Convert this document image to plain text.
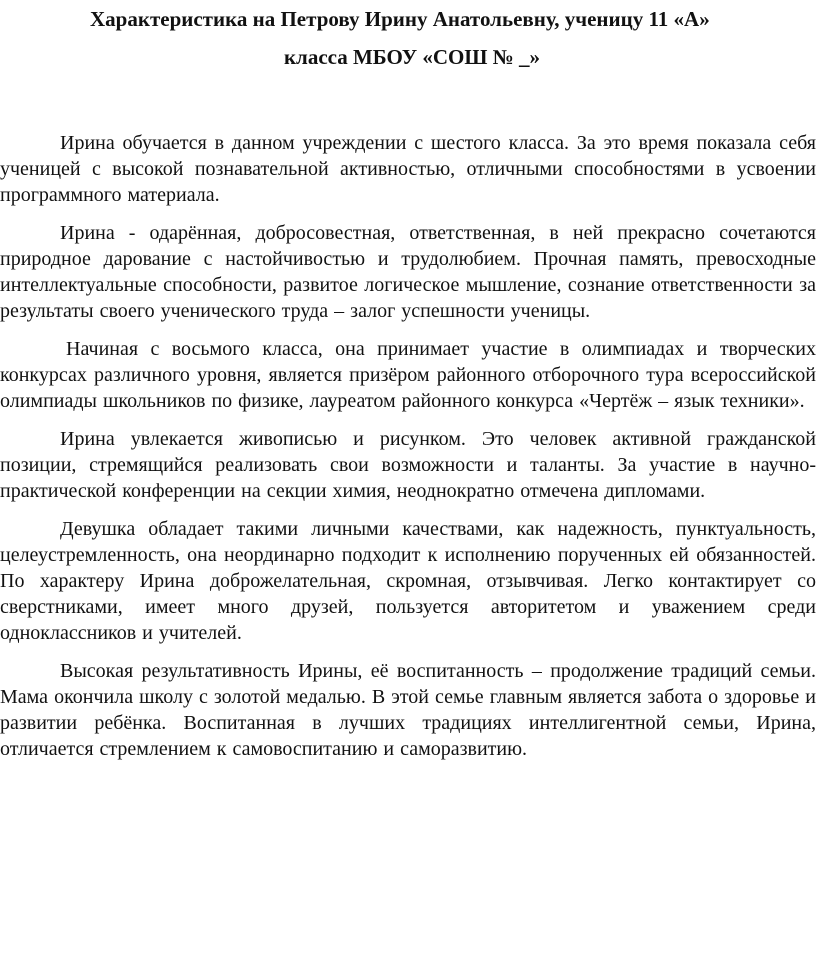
Характеристика на Петрову Ирину Анатольевну, ученицу 11 «А»
класса МБОУ «СОШ № _»

Ирина обучается в данном учреждении с шестого класса. За это время показала себя ученицей с высокой познавательной активностью, отличными способностями в усвоении программного материала.

Ирина - одарённая, добросовестная, ответственная, в ней прекрасно сочетаются природное дарование с настойчивостью и трудолюбием. Прочная память, превосходные интеллектуальные способности, развитое логическое мышление, сознание ответственности за результаты своего ученического труда – залог успешности ученицы.

Начиная с восьмого класса, она принимает участие в олимпиадах и творческих конкурсах различного уровня, является призёром районного отборочного тура всероссийской олимпиады школьников по физике, лауреатом районного конкурса «Чертёж – язык техники».

Ирина увлекается живописью и рисунком. Это человек активной гражданской позиции, стремящийся реализовать свои возможности и таланты. За участие в научно-практической конференции на секции химия, неоднократно отмечена дипломами.

Девушка обладает такими личными качествами, как надежность, пунктуальность, целеустремленность, она неординарно подходит к исполнению порученных ей обязанностей. По характеру Ирина доброжелательная, скромная, отзывчивая. Легко контактирует со сверстниками, имеет много друзей, пользуется авторитетом и уважением среди одноклассников и учителей.

Высокая результативность Ирины, её воспитанность – продолжение традиций семьи. Мама окончила школу с золотой медалью. В этой семье главным является забота о здоровье и развитии ребёнка. Воспитанная в лучших традициях интеллигентной семьи, Ирина, отличается стремлением к самовоспитанию и саморазвитию.
